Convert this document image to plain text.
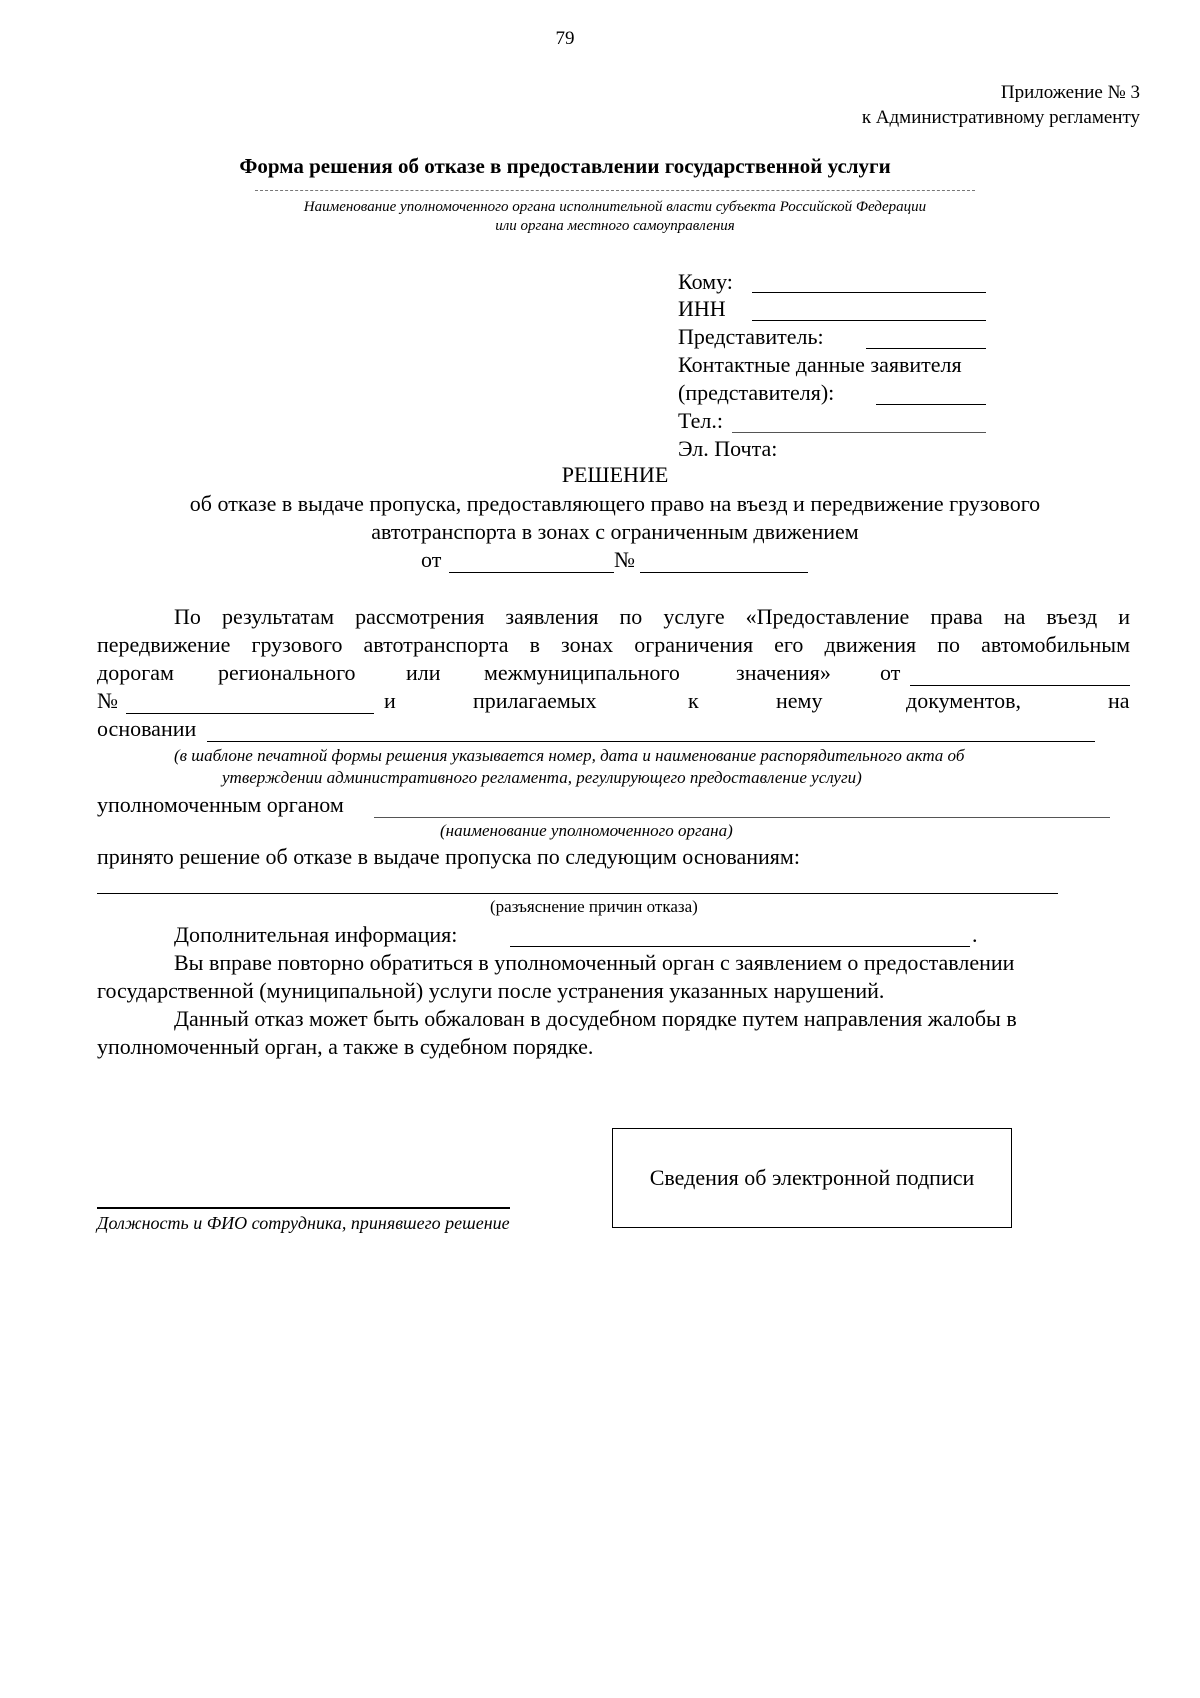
79
Приложение № 3
к Административному регламенту
Форма решения об отказе в предоставлении государственной услуги
Наименование уполномоченного органа исполнительной власти субъекта Российской Федерации
или органа местного самоуправления
Кому:
ИНН
Представитель:
Контактные данные заявителя
(представителя):
Тел.:
Эл. Почта:
РЕШЕНИЕ
об отказе в выдаче пропуска, предоставляющего право на въезд и передвижение грузового
автотранспорта в зонах с ограниченным движением
от	№
По результатам рассмотрения заявления по услуге «Предоставление права на въезд и
передвижение грузового автотранспорта в зонах ограничения его движения по автомобильным
дорогам регионального или межмуниципального	значения» от
№	и	прилагаемых	к	нему	документов,	на
основании
(в шаблоне печатной формы решения указывается номер, дата и наименование распорядительного акта об
утверждении административного регламента, регулирующего предоставление услуги)
уполномоченным органом
(наименование уполномоченного органа)
принято решение об отказе в выдаче пропуска по следующим основаниям:
(разъяснение причин отказа)
Дополнительная информация:	.
Вы вправе повторно обратиться в уполномоченный орган с заявлением о предоставлении
государственной (муниципальной) услуги после устранения указанных нарушений.
Данный отказ может быть обжалован в досудебном порядке путем направления жалобы в
уполномоченный орган, а также в судебном порядке.
Сведения об электронной подписи
Должность и ФИО сотрудника, принявшего решение
